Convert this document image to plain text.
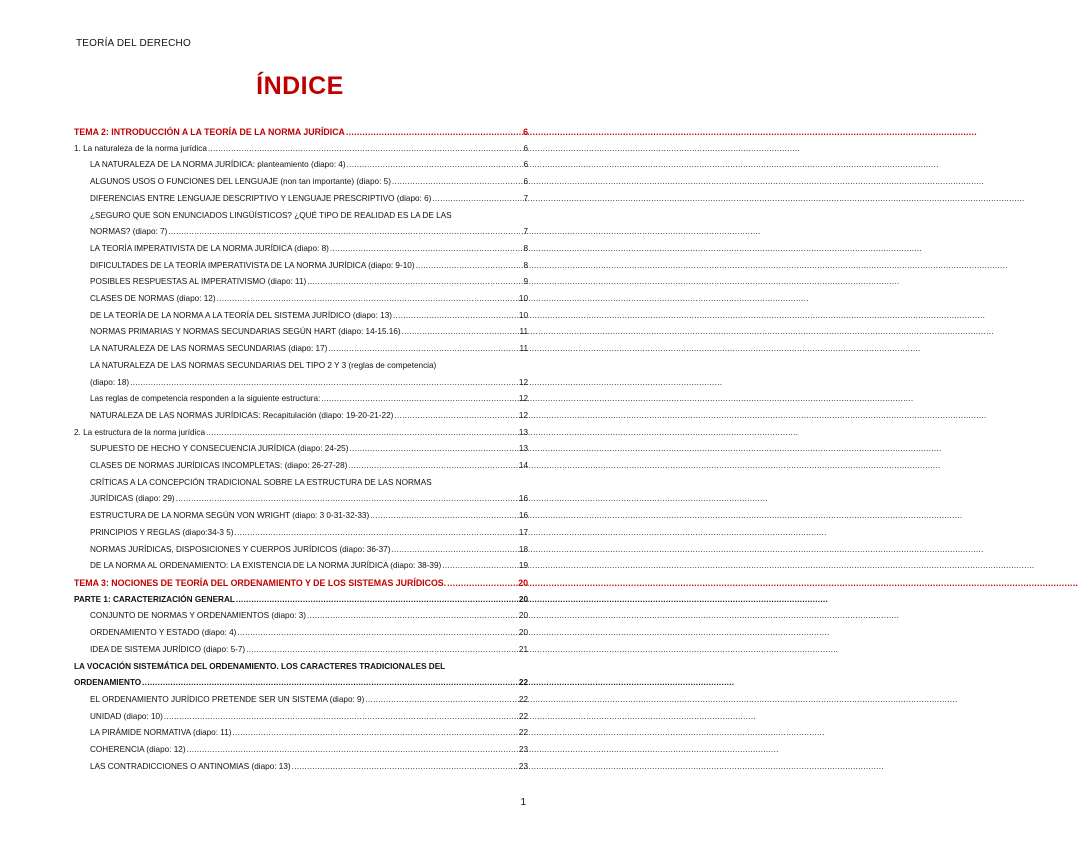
TEORÍA DEL DERECHO
ÍNDICE
TEMA 2: INTRODUCCIÓN A LA TEORÍA DE LA NORMA JURÍDICA .....	6
1. La naturaleza de la norma jurídica .....	6
LA NATURALEZA DE LA NORMA JURÍDICA: planteamiento (diapo: 4) .....	6
ALGUNOS USOS O FUNCIONES DEL LENGUAJE (non tan importante) (diapo: 5) .....	6
DIFERENCIAS ENTRE LENGUAJE DESCRIPTIVO Y LENGUAJE PRESCRIPTIVO (diapo: 6) .....	7
¿SEGURO QUE SON ENUNCIADOS LINGÜÍSTICOS? ¿QUÉ TIPO DE REALIDAD ES LA DE LAS
NORMAS? (diapo: 7) .....	7
LA TEORÍA IMPERATIVISTA DE LA NORMA JURÍDICA (diapo: 8) .....	8
DIFICULTADES DE LA TEORÍA IMPERATIVISTA DE LA NORMA JURÍDICA (diapo: 9-10) .....	8
POSIBLES RESPUESTAS AL IMPERATIVISMO (diapo: 11) .....	9
CLASES DE NORMAS (diapo: 12) .....	10
DE LA TEORÍA DE LA NORMA A LA TEORÍA DEL SISTEMA JURÍDICO (diapo: 13) .....	10
NORMAS PRIMARIAS Y NORMAS SECUNDARIAS SEGÚN HART (diapo: 14-15.16) .....	11
LA NATURALEZA DE LAS NORMAS SECUNDARIAS (diapo: 17) .....	11
LA NATURALEZA DE LAS NORMAS SECUNDARIAS DEL TIPO 2 Y 3 (reglas de competencia)
(diapo: 18) .....	12
Las reglas de competencia responden a la siguiente estructura: .....	12
NATURALEZA DE LAS NORMAS JURÍDICAS: Recapitulación (diapo: 19-20-21-22) .....	12
2. La estructura de la norma jurídica .....	13
SUPUESTO DE HECHO Y CONSECUENCIA JURÍDICA (diapo: 24-25) .....	13
CLASES DE NORMAS JURÍDICAS INCOMPLETAS: (diapo: 26-27-28) .....	14
CRÍTICAS A LA CONCEPCIÓN TRADICIONAL SOBRE LA ESTRUCTURA DE LAS NORMAS
JURÍDICAS (diapo: 29) .....	16
ESTRUCTURA DE LA NORMA SEGÚN VON WRIGHT (diapo: 3 0-31-32-33) .....	16
PRINCIPIOS Y REGLAS (diapo:34-3 5) .....	17
NORMAS JURÍDICAS, DISPOSICIONES Y CUERPOS JURÍDICOS (diapo: 36-37) .....	18
DE LA NORMA AL ORDENAMIENTO: LA EXISTENCIA DE LA NORMA JURÍDICA (diapo: 38-39) .....	19
TEMA 3: NOCIONES DE TEORÍA DEL ORDENAMIENTO Y DE LOS SISTEMAS JURÍDICOS. .....	20
PARTE 1: CARACTERIZACIÓN GENERAL .....	20
CONJUNTO DE NORMAS Y ORDENAMIENTOS (diapo: 3) .....	20
ORDENAMIENTO Y ESTADO (diapo: 4) .....	20
IDEA DE SISTEMA JURÍDICO (diapo: 5-7) .....	21
LA VOCACIÓN SISTEMÁTICA DEL ORDENAMIENTO. LOS CARACTERES TRADICIONALES DEL
ORDENAMIENTO .....	22
EL ORDENAMIENTO JURÍDICO PRETENDE SER UN SISTEMA (diapo: 9) .....	22
UNIDAD (diapo: 10) .....	22
LA PIRÁMIDE NORMATIVA (diapo: 11) .....	22
COHERENCIA (diapo: 12) .....	23
LAS CONTRADICCIONES O ANTINOMIAS (diapo: 13) .....	23
1
